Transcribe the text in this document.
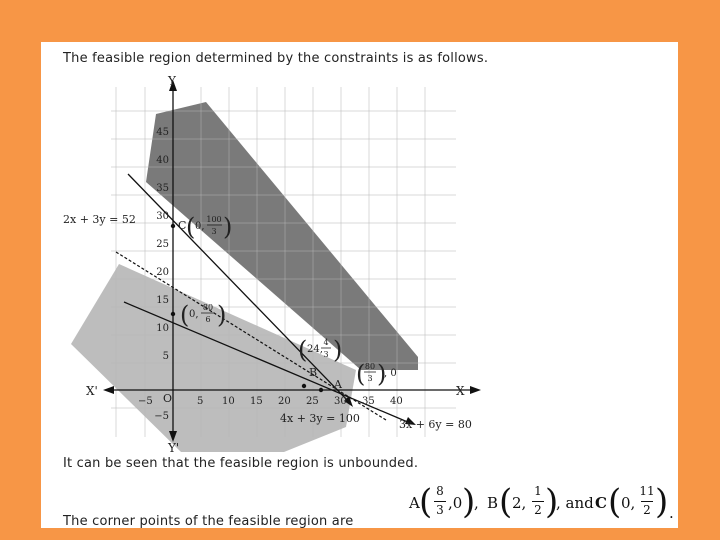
The feasible region determined by the constraints is as follows.
Y
Y'
X
X'
O
−5	5 10 15 20 25 30 35 40
45
40
35
30
25
20
15
10
5
−5
2x + 3y = 52
4x + 3y = 100	3x + 6y = 80
C ( 0,
100
3 )
( 0,
80
6 )
( 24,
4
3 )
B
A ( 80
3 )
, 0
It can be seen that the feasible region is unbounded.
The corner points of the feasible region are
A ( 8
3 ,0 )
, B ( 2,
1
2 )
, and C ( 0,
11
2 ) .
